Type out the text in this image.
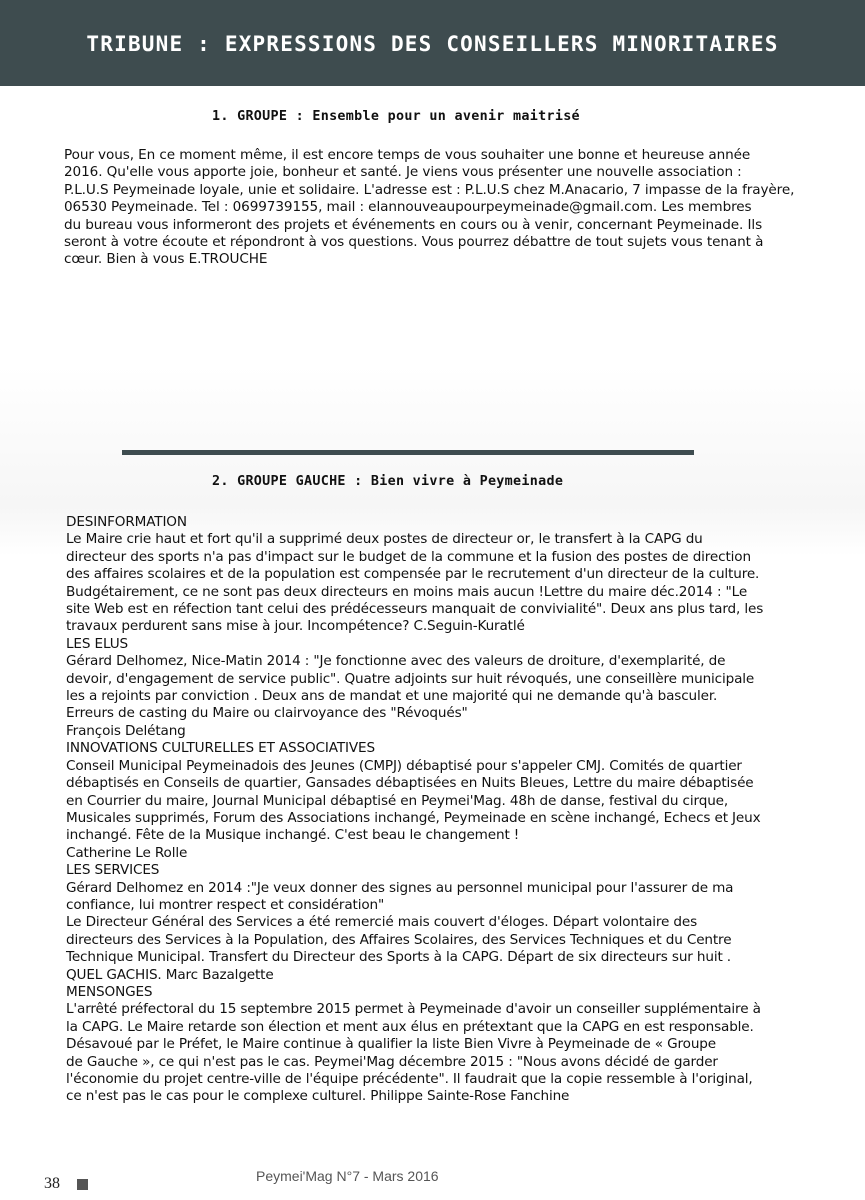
TRIBUNE : EXPRESSIONS DES CONSEILLERS MINORITAIRES
1. GROUPE : Ensemble pour un avenir maitrisé

Pour vous, En ce moment même, il est encore temps de vous souhaiter une bonne et heureuse année

2016. Qu'elle vous apporte joie, bonheur et santé. Je viens vous présenter une nouvelle association :

P.L.U.S Peymeinade loyale, unie et solidaire. L'adresse est : P.L.U.S chez M.Anacario, 7 impasse de la frayère,

06530 Peymeinade. Tel : 0699739155, mail : elannouveaupourpeymeinade@gmail.com. Les membres

du bureau vous informeront des projets et événements en cours ou à venir, concernant Peymeinade. Ils

seront à votre écoute et répondront à vos questions. Vous pourrez débattre de tout sujets vous tenant à

cœur. Bien à vous E.TROUCHE

2. GROUPE GAUCHE : Bien vivre à Peymeinade

DESINFORMATION

Le Maire crie haut et fort qu'il a supprimé deux postes de directeur or, le transfert à la CAPG du

directeur des sports n'a pas d'impact sur le budget de la commune et la fusion des postes de direction

des affaires scolaires et de la population est compensée par le recrutement d'un directeur de la culture.

Budgétairement, ce ne sont pas deux directeurs en moins mais aucun !Lettre du maire déc.2014 : "Le

site Web est en réfection tant celui des prédécesseurs manquait de convivialité". Deux ans plus tard, les

travaux perdurent sans mise à jour. Incompétence? C.Seguin-Kuratlé

LES ELUS

Gérard Delhomez, Nice-Matin 2014 : "Je fonctionne avec des valeurs de droiture, d'exemplarité, de

devoir, d'engagement de service public". Quatre adjoints sur huit révoqués, une conseillère municipale

les a rejoints par conviction . Deux ans de mandat et une majorité qui ne demande qu'à basculer.

Erreurs de casting du Maire ou clairvoyance des "Révoqués"

François Delétang

INNOVATIONS CULTURELLES ET ASSOCIATIVES

Conseil Municipal Peymeinadois des Jeunes (CMPJ) débaptisé pour s'appeler CMJ. Comités de quartier

débaptisés en Conseils de quartier, Gansades débaptisées en Nuits Bleues, Lettre du maire débaptisée

en Courrier du maire, Journal Municipal débaptisé en Peymei'Mag. 48h de danse, festival du cirque,

Musicales supprimés, Forum des Associations inchangé, Peymeinade en scène inchangé, Echecs et Jeux

inchangé. Fête de la Musique inchangé. C'est beau le changement !

Catherine Le Rolle

LES SERVICES

Gérard Delhomez en 2014 :"Je veux donner des signes au personnel municipal pour l'assurer de ma

confiance, lui montrer respect et considération"

Le Directeur Général des Services a été remercié mais couvert d'éloges. Départ volontaire des

directeurs des Services à la Population, des Affaires Scolaires, des Services Techniques et du Centre

Technique Municipal. Transfert du Directeur des Sports à la CAPG. Départ de six directeurs sur huit .

QUEL GACHIS. Marc Bazalgette

MENSONGES

L'arrêté préfectoral du 15 septembre 2015 permet à Peymeinade d'avoir un conseiller supplémentaire à

la CAPG. Le Maire retarde son élection et ment aux élus en prétextant que la CAPG en est responsable.

Désavoué par le Préfet, le Maire continue à qualifier la liste Bien Vivre à Peymeinade de « Groupe

de Gauche », ce qui n'est pas le cas. Peymei'Mag décembre 2015 : "Nous avons décidé de garder

l'économie du projet centre-ville de l'équipe précédente". Il faudrait que la copie ressemble à l'original,

ce n'est pas le cas pour le complexe culturel. Philippe Sainte-Rose Fanchine

38	Peymei'Mag N°7 - Mars 2016
